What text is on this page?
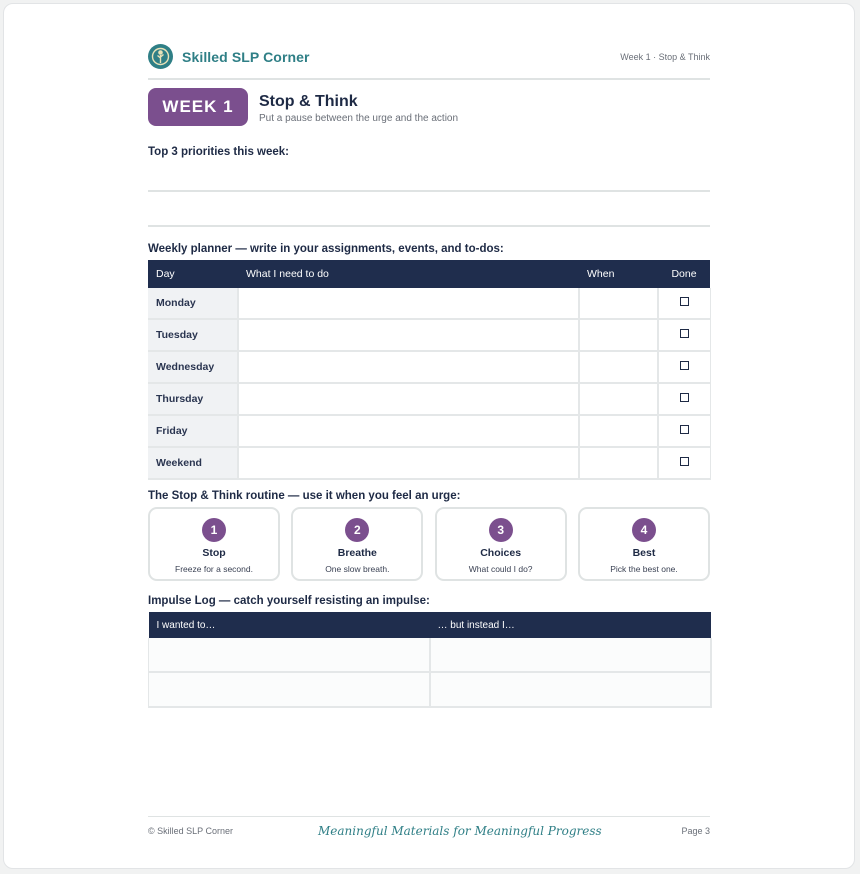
Skilled SLP Corner	Week 1 · Stop & Think
WEEK 1	Stop & Think
Put a pause between the urge and the action
Top 3 priorities this week:
Weekly planner — write in your assignments, events, and to-dos:
Day	What I need to do	When	Done
Monday			
Tuesday			
Wednesday			
Thursday			
Friday			
Weekend			
The Stop & Think routine — use it when you feel an urge:
1
Stop
Freeze for a second.
2
Breathe
One slow breath.
3
Choices
What could I do?
4
Best
Pick the best one.
Impulse Log — catch yourself resisting an impulse:
I wanted to…	… but instead I…

© Skilled SLP Corner	Meaningful Materials for Meaningful Progress	Page 3
